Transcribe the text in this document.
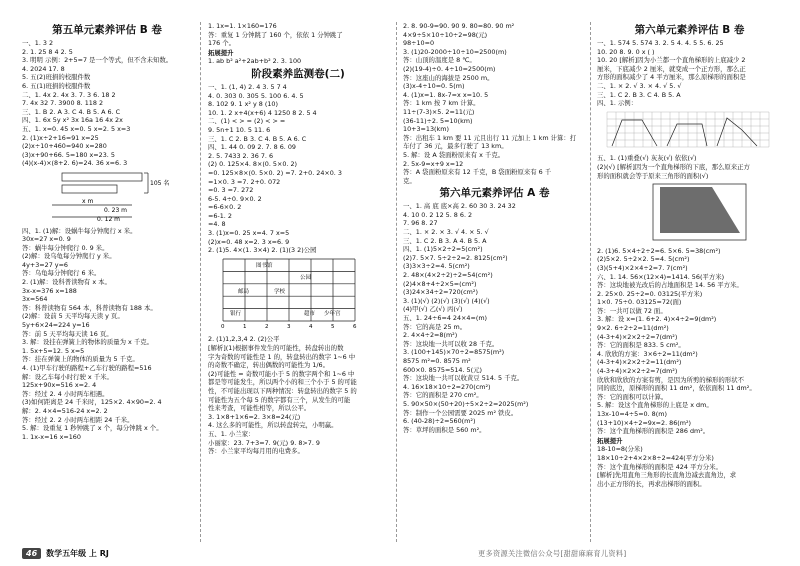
第五单元素养评估 B 卷
一、1. 3 2
2. 1. 25 8 4 2. 5
3. 明明 示例：2+5=7 是一个等式，但不含未知数。
4. 2024 17. 8
5. 五(2)班捐的校服件数
6. 五(1)班捐的校服件数
二、1. 4x 2. 4x 3. 7. 3 6. 18 2
7. 4x 32 7. 3900 8. 118 2
三、1. B 2. A 3. C 4. B 5. A 6. C
四、1. 6x 5y x² 3x 16a 16 4x 2x
五、1. x=0. 45 x=0. 5 x=2. 5 x=3
2. (1)x÷2+16=91 x=25
(2)x÷10+460=940 x=280
(3)x+90+66. 5=180 x=23. 5
(4)(x-4)×(8+2. 6)=24. 36 x=6. 3
105 名
x m
0. 23 m
0. 12 m
四、1. (1)解：设蜗牛每分钟爬行 x 米。
30x=27 x=0. 9
答：蜗牛每分钟爬行 0. 9 米。
(2)解：设乌龟每分钟爬行 y 米。
4y+3=27 y=6
答：乌龟每分钟爬行 6 米。
2. (1)解：设科普读物有 x 本。
3x-x=376 x=188
3x=564
答：科普读物有 564 本，科普读物有 188 本。
(2)解：设前 5 天平均每天读 y 页。
5y+6×24=224 y=16
答：前 5 天平均每天读 16 页。
3. 解：设挂在弹簧上的物体的质量为 x 千克。
1. 5x+5=12. 5 x=5
答：挂在弹簧上的物体的质量为 5 千克。
4. (1)甲车行驶的路程+乙车行驶的路程=516
解：设乙车每小时行驶 x 千米。
125x+90x=516 x=2. 4
答：经过 2. 4 小时两车相遇。
(3)如何距离是 24 千米时，125×2. 4×90=2. 4
解：2. 4×4=516-24 x=2. 2
答：经过 2. 2 小时两车相距 24 千米。
5. 解：设重复 1 秒钟跳了 x 个，每分钟跳 x 个。
1. 1x-x=16 x=160
1. 1x=1. 1×160=176
答：重复 1 分钟跳了 160 个，依依 1 分钟跳了
176 个。
拓展提升
1. ab b² a²+2ab+b² 2. 3. 100
阶段素养监测卷(二)
一、1. (1, 4) 2. 4 3. 5 7 4
4. 0. 303 0. 305 5. 100 6. 4. 5
8. 102 9. 1 x² y 8 (10)
10. 1. 2 x+4(x+6) 4 1250 8 2. 5 4
二、(1) < > = (2) < > =
9. 5n+1 10. 5 11. 6
三、1. C 2. B 3. C 4. B 5. A 6. C
四、1. 44 0. 09 2. 7. 8 6. 09
2. 5. 7433 2. 36 7. 6
(2) 0. 125×4. 8×(0. 5×0. 2)
=0. 125×8×(0. 5×0. 2) =7. 2+0. 24×0. 3
=1×0. 3 =7. 2+0. 072
=0. 3 =7. 272
6-5. 4÷0. 9×0. 2
=6-6×0. 2
=6-1. 2
=4. 8
3. (1)x=0. 25 x=4. 7 x=5
(2)x=0. 48 x=2. 3 x=6. 9
2. (1)5. 4×(1. 3×4) 2. (1)(3 2)公园
图书馆
公园
邮局	学校
银行	超市 少年宫
0	1	2	3	4	5	6
2. (1)1,2,3,4 2. (2)公平
[解析](1)根据事件发生的可能性，转盘转出的数
字为奇数的可能性是 1 的，转盘转出的数字 1~6 中
的奇数不确定，转出偶数的可能性为 1/6。
(2)可能性 = 奇数可能小于 5 的数字两个和 1~6 中
都是等可能发生，所以两个小的和三个小于 5 的可能
性，不可能出现以下两种情况：转盘转出的数字 5 的
可能性为五个每 5 的数字都有三个，从发生的可能
性来考查，可能性相等，所以公平。
3. 1×8+1×6=2. 3×8=24(元)
4. 这么多的可能性，所以转盘转完，小明赢。
五、1. 小兰家：
小丽家：23. 7+3=7. 9(元) 9. 8>7. 9
答：小兰家平均每月用的电费多。
2. 8. 90-9=90. 90 9. 80=80. 90 m²
4×9÷5×10÷10÷2=98(元)
98÷10=0
3. (1)20-2000÷10÷10=2500(m)
答：山顶的温度是 8 ℃。
(2)(19-4)÷0. 4÷10=2500(m)
答：这座山的海拔是 2500 m。
(3)x-4÷10=0. 5(m)
4. (1)x=1. 8x-7=x x=10. 5
答：1 km 按 7 km 计算。
11÷(7-3)×5. 2=11(元)
(36-11)÷2. 5=10(km)
10+3=13(km)
答：出租车 1 km 要 11 元且出行 11 元加上 1 km 计算：打
车付了 36 元，最多行驶了 13 km。
5. 解：设 A 袋面粉原来有 x 千克。
2. 5x-9=x+9 x=12
答：A 袋面粉原来有 12 千克，B 袋面粉原来有 6 千
克。
第六单元素养评估 A 卷
一、1. 高 底 底×高 2. 60 30 3. 24 32
4. 10 0. 2 12 5. 8 6. 2
7. 96 8. 27
二、1. × 2. × 3. √ 4. × 5. √
三、1. C 2. B 3. A 4. B 5. A
四、1. (1)5×2÷2=5(cm²)
(2)7. 5×7. 5÷2÷2=2. 8125(cm²)
(3)3×3÷2=4. 5(cm²)
2. 48×(4×2÷2)÷2=54(cm²)
(2)4×8+4÷2×5=(cm²)
(3)24×34÷2=720(cm²)
3. (1)(√) (2)(√) (3)(√) (4)(√)
(4)甲(√) 乙(√) 丙(√)
五、1. 24÷6=4 24×4=(m)
答：它的高是 25 m。
2. 4×4÷2=8(m²)
答：这块地一共可以收 28 千克。
3. (100+145)×70÷2=8575(m²)
8575 m²=0. 8575 m²
600×0. 8575=514. 5(元)
答：这块地一共可以收黄豆 514. 5 千克。
4. 16×18×10÷2=270(cm²)
答：它的面积是 270 cm²。
5. 90×50×(50+20)÷5×2÷2=2025(m²)
答：制作一个公园需要 2025 m² 铁皮。
6. (40-28)÷2=560(m²)
答：草坪的面积是 560 m²。
第六单元素养评估 B 卷
一、1. 574 5. 574 3. 2. 5 4. 4. 5 5. 6. 25
10. 20 8. 9. 0 x ( )
10. 20 [解析]因为小兰都一个直角梯形的上底减少 2
厘米，下底减少 2 厘米，就变成一个正方形，那么正
方形的面积减少了 4 平方厘米，那么原梯形的面积是
二、1. × 2. √ 3. × 4. √ 5. √
三、1. C 2. B 3. C 4. B 5. A
四、1. 示例：
五、1. (1)重叠(√) 灰灰(√) 依依(√)
(2)(√) [解析]因为一个直角梯形的下底，那么原来正方
形的面积就会等于原来三角形的面积(√)
2. (1)6. 5×4÷2÷2=6. 5×6. 5=38(cm²)
(2)5×2. 5÷2×2. 5=4. 5(cm²)
(3)(5+4)×2×4÷2=7. 7(cm²)
六、1. 14. 56×(12×4)=1414. 56(平方米)
答：这块地被光改后的占地面积是 14. 56 平方米。
2. 25×0. 25÷2=0. 03125(平方米)
1×0. 75÷0. 03125=72(面)
答：一共可以做 72 面。
3. 解：设 x=(1. 6+2. 4)×4÷2=9(dm²)
9×2. 6÷2÷2=11(dm²)
(4-3+4)×2×2÷2=7(dm²)
答：它的面积是 833. 5 cm²。
4. 欣欣的方案：3×6÷2=11(dm²)
(4-3+4)×2×2÷2=11(dm²)
(4-3+4)×2×2÷2=7(dm²)
欣欣和欣欣的方案有剪，是因为所剪的梯形的形状不
同的底边，原梯形的面积 11 dm²，依依面积 11 dm²。
答：它的面积可以计算。
5. 解：设这个直角梯形的上底是 x dm。
13x-10=4÷5=0. 8(m)
(13+10)×4÷2=9x=2. 86(m²)
答：这个直角梯形的面积是 286 dm²。
拓展提升
18-10=8(分米)
18×10÷2+4×2×8÷2=424(平方分米)
答：这个直角梯形的面积是 424 平方分米。
[解析]先用直角三角形的长直角边减去直角边，求
出小正方形的长，再求出梯形的面积。
46	数学五年级 上 RJ	更多资源关注微信公众号[甜甜麻麻育儿资料]
